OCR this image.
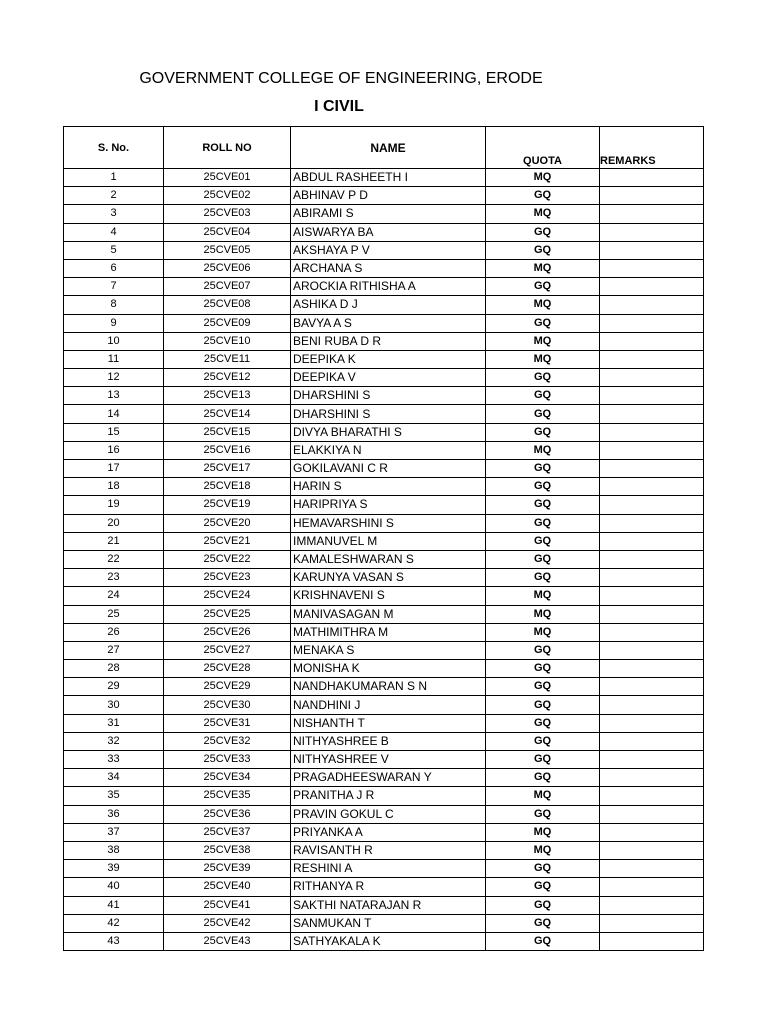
GOVERNMENT COLLEGE OF ENGINEERING, ERODE
I CIVIL
S. No.	ROLL NO	NAME	QUOTA	REMARKS
1	25CVE01	ABDUL RASHEETH I	MQ	
2	25CVE02	ABHINAV P D	GQ	
3	25CVE03	ABIRAMI S	MQ	
4	25CVE04	AISWARYA BA	GQ	
5	25CVE05	AKSHAYA P V	GQ	
6	25CVE06	ARCHANA S	MQ	
7	25CVE07	AROCKIA RITHISHA A	GQ	
8	25CVE08	ASHIKA D J	MQ	
9	25CVE09	BAVYA A S	GQ	
10	25CVE10	BENI RUBA D R	MQ	
11	25CVE11	DEEPIKA K	MQ	
12	25CVE12	DEEPIKA V	GQ	
13	25CVE13	DHARSHINI S	GQ	
14	25CVE14	DHARSHINI S	GQ	
15	25CVE15	DIVYA BHARATHI S	GQ	
16	25CVE16	ELAKKIYA N	MQ	
17	25CVE17	GOKILAVANI C R	GQ	
18	25CVE18	HARIN S	GQ	
19	25CVE19	HARIPRIYA S	GQ	
20	25CVE20	HEMAVARSHINI S	GQ	
21	25CVE21	IMMANUVEL M	GQ	
22	25CVE22	KAMALESHWARAN S	GQ	
23	25CVE23	KARUNYA VASAN S	GQ	
24	25CVE24	KRISHNAVENI S	MQ	
25	25CVE25	MANIVASAGAN M	MQ	
26	25CVE26	MATHIMITHRA M	MQ	
27	25CVE27	MENAKA S	GQ	
28	25CVE28	MONISHA K	GQ	
29	25CVE29	NANDHAKUMARAN S N	GQ	
30	25CVE30	NANDHINI J	GQ	
31	25CVE31	NISHANTH T	GQ	
32	25CVE32	NITHYASHREE B	GQ	
33	25CVE33	NITHYASHREE V	GQ	
34	25CVE34	PRAGADHEESWARAN Y	GQ	
35	25CVE35	PRANITHA J R	MQ	
36	25CVE36	PRAVIN GOKUL C	GQ	
37	25CVE37	PRIYANKA A	MQ	
38	25CVE38	RAVISANTH R	MQ	
39	25CVE39	RESHINI A	GQ	
40	25CVE40	RITHANYA R	GQ	
41	25CVE41	SAKTHI NATARAJAN R	GQ	
42	25CVE42	SANMUKAN T	GQ	
43	25CVE43	SATHYAKALA K	GQ	
